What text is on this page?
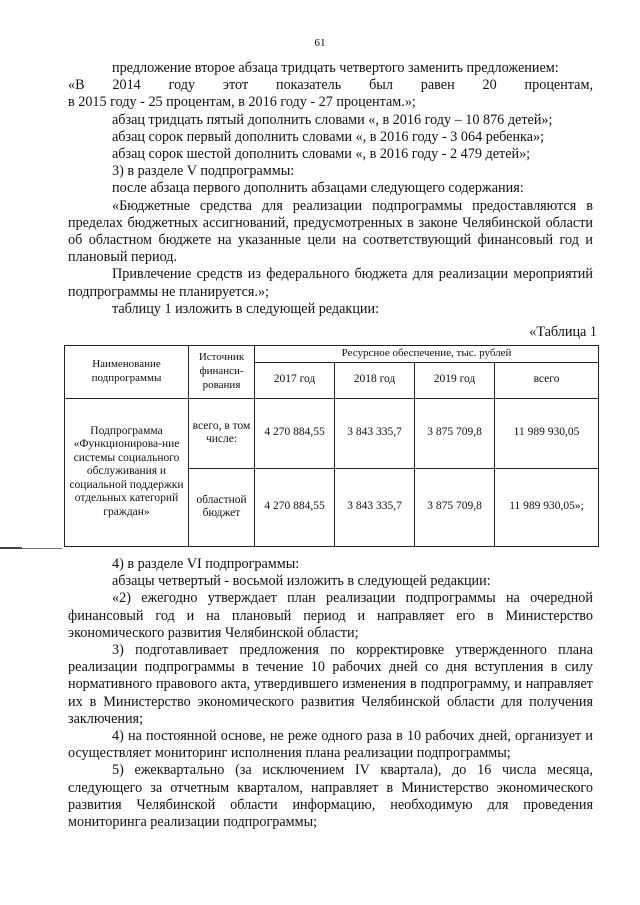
61

предложение второе абзаца тридцать четвертого заменить предложением:

«В 2014 году этот показатель был равен 20 процентам,

в 2015 году - 25 процентам, в 2016 году - 27 процентам.»;

абзац тридцать пятый дополнить словами «, в 2016 году – 10 876 детей»;

абзац сорок первый дополнить словами «, в 2016 году - 3 064 ребенка»;

абзац сорок шестой дополнить словами «, в 2016 году - 2 479 детей»;

3) в разделе V подпрограммы:

после абзаца первого дополнить абзацами следующего содержания:

«Бюджетные средства для реализации подпрограммы предоставляются в пределах бюджетных ассигнований, предусмотренных в законе Челябинской области об областном бюджете на указанные цели на соответствующий финансовый год и плановый период.

Привлечение средств из федерального бюджета для реализации мероприятий подпрограммы не планируется.»;

таблицу 1 изложить в следующей редакции:

«Таблица 1

Наименование подпрограммы	Источник финанси-рования	Ресурсное обеспечение, тыс. рублей			
		2017 год	2018 год	2019 год	всего
Подпрограмма «Функционирова-ние системы социального обслуживания и социальной поддержки отдельных категорий граждан»	всего, в том числе:	4 270 884,55	3 843 335,7	3 875 709,8	11 989 930,05
	областной бюджет	4 270 884,55	3 843 335,7	3 875 709,8	11 989 930,05»;

4) в разделе VI подпрограммы:

абзацы четвертый - восьмой изложить в следующей редакции:

«2) ежегодно утверждает план реализации подпрограммы на очередной финансовый год и на плановый период и направляет его в Министерство экономического развития Челябинской области;

3) подготавливает предложения по корректировке утвержденного плана реализации подпрограммы в течение 10 рабочих дней со дня вступления в силу нормативного правового акта, утвердившего изменения в подпрограмму, и направляет их в Министерство экономического развития Челябинской области для получения заключения;

4) на постоянной основе, не реже одного раза в 10 рабочих дней, организует и осуществляет мониторинг исполнения плана реализации подпрограммы;

5) ежеквартально (за исключением IV квартала), до 16 числа месяца, следующего за отчетным кварталом, направляет в Министерство экономического развития Челябинской области информацию, необходимую для проведения мониторинга реализации подпрограммы;
